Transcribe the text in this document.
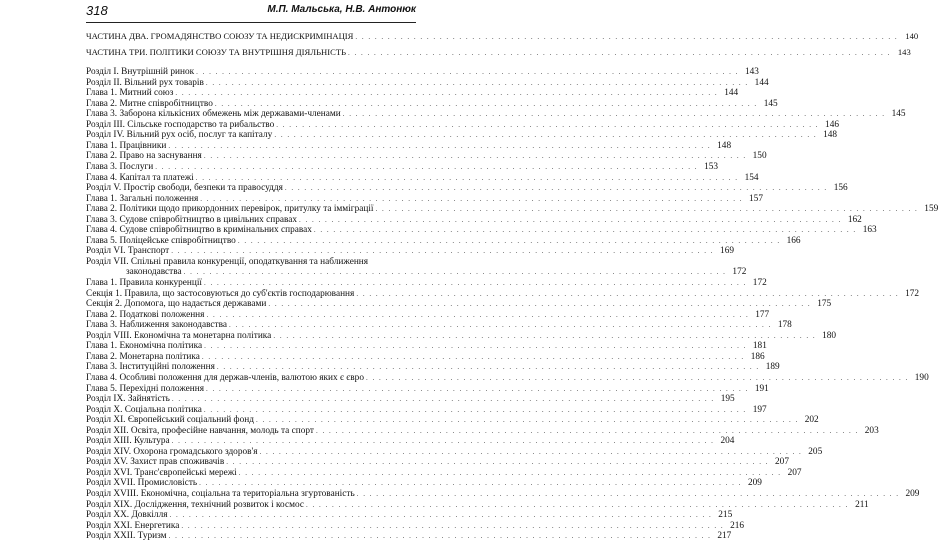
318	М.П. Мальська, Н.В. Антонюк
ЧАСТИНА ДВА. ГРОМАДЯНСТВО СОЮЗУ ТА НЕДИСКРИМІНАЦІЯ . . .	140
ЧАСТИНА ТРИ. ПОЛІТИКИ СОЮЗУ ТА ВНУТРІШНЯ ДІЯЛЬНІСТЬ . . .	143
Розділ І. Внутрішній ринок . . .	143
Розділ ІІ. Вільний рух товарів . . .	144
Глава 1. Митний союз . . .	144
Глава 2. Митне співробітництво . . .	145
Глава 3. Заборона кількісних обмежень між державами-членами . . .	145
Розділ ІІІ. Сільське господарство та рибальство . . .	146
Розділ ІV. Вільний рух осіб, послуг та капіталу . . .	148
Глава 1. Працівники . . .	148
Глава 2. Право на заснування . . .	150
Глава 3. Послуги . . .	153
Глава 4. Капітал та платежі . . .	154
Розділ V. Простір свободи, безпеки та правосуддя . . .	156
Глава 1. Загальні положення . . .	157
Глава 2. Політики щодо прикордонних перевірок, притулку та імміграції . . .	159
Глава 3. Судове співробітництво в цивільних справах . . .	162
Глава 4. Судове співробітництво в кримінальних справах . . .	163
Глава 5. Поліцейське співробітництво . . .	166
Розділ VІ. Транспорт . . .	169
Розділ VІІ. Спільні правила конкуренції, оподаткування та наближення
законодавства . . .	172
Глава 1. Правила конкуренції . . .	172
Секція 1. Правила, що застосовуються до суб'єктів господарювання . . .	172
Секція 2. Допомога, що надається державами . . .	175
Глава 2. Податкові положення . . .	177
Глава 3. Наближення законодавства . . .	178
Розділ VІІІ. Економічна та монетарна політика . . .	180
Глава 1. Економічна політика . . .	181
Глава 2. Монетарна політика . . .	186
Глава 3. Інституційні положення . . .	189
Глава 4. Особливі положення для держав-членів, валютою яких є євро . . .	190
Глава 5. Перехідні положення . . .	191
Розділ ІХ. Зайнятість . . .	195
Розділ Х. Соціальна політика . . .	197
Розділ ХІ. Європейський соціальний фонд . . .	202
Розділ ХІІ. Освіта, професійне навчання, молодь та спорт . . .	203
Розділ ХІІІ. Культура . . .	204
Розділ ХІV. Охорона громадського здоров'я . . .	205
Розділ ХV. Захист прав споживачів . . .	207
Розділ ХVІ. Транс'європейські мережі . . .	207
Розділ ХVІІ. Промисловість . . .	209
Розділ ХVІІІ. Економічна, соціальна та територіальна згуртованість . . .	209
Розділ ХІХ. Дослідження, технічний розвиток і космос . . .	211
Розділ ХХ. Довкілля . . .	215
Розділ ХХІ. Енергетика . . .	216
Розділ ХХІІ. Туризм . . .	217
